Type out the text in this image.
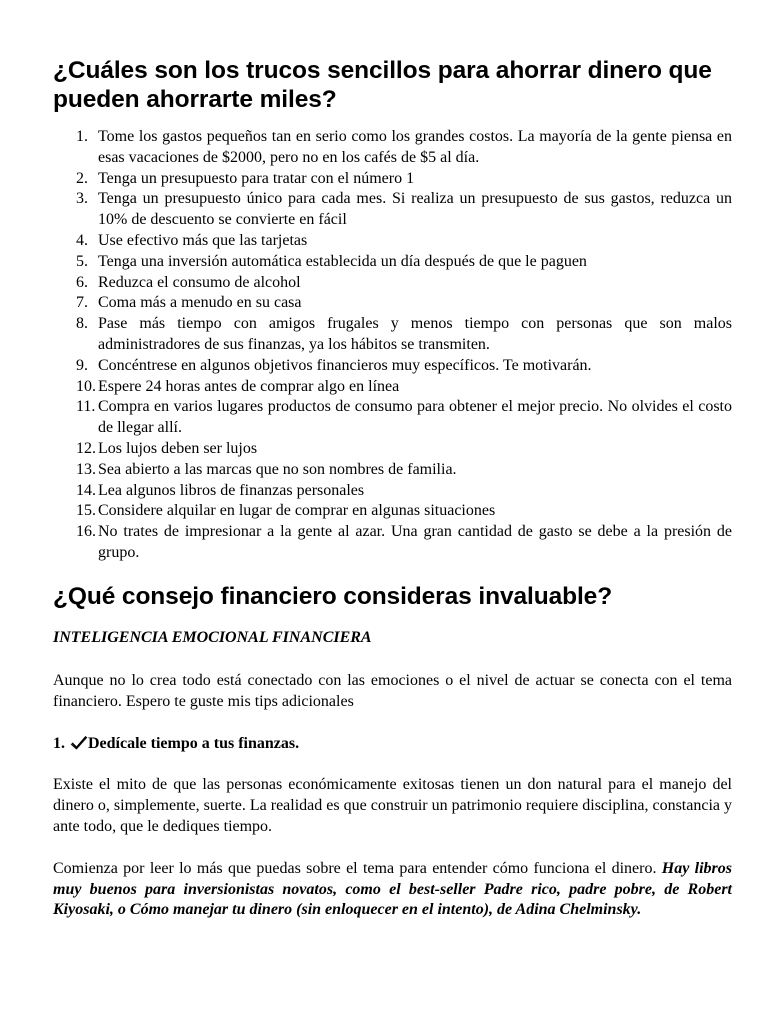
¿Cuáles son los trucos sencillos para ahorrar dinero que pueden ahorrarte miles?
1. Tome los gastos pequeños tan en serio como los grandes costos. La mayoría de la gente piensa en esas vacaciones de $2000, pero no en los cafés de $5 al día.
2. Tenga un presupuesto para tratar con el número 1
3. Tenga un presupuesto único para cada mes. Si realiza un presupuesto de sus gastos, reduzca un 10% de descuento se convierte en fácil
4. Use efectivo más que las tarjetas
5. Tenga una inversión automática establecida un día después de que le paguen
6. Reduzca el consumo de alcohol
7. Coma más a menudo en su casa
8. Pase más tiempo con amigos frugales y menos tiempo con personas que son malos administradores de sus finanzas, ya los hábitos se transmiten.
9. Concéntrese en algunos objetivos financieros muy específicos. Te motivarán.
10. Espere 24 horas antes de comprar algo en línea
11. Compra en varios lugares productos de consumo para obtener el mejor precio. No olvides el costo de llegar allí.
12. Los lujos deben ser lujos
13. Sea abierto a las marcas que no son nombres de familia.
14. Lea algunos libros de finanzas personales
15. Considere alquilar en lugar de comprar en algunas situaciones
16. No trates de impresionar a la gente al azar. Una gran cantidad de gasto se debe a la presión de grupo.
¿Qué consejo financiero consideras invaluable?
INTELIGENCIA EMOCIONAL FINANCIERA

Aunque no lo crea todo está conectado con las emociones o el nivel de actuar se conecta con el tema financiero. Espero te guste mis tips adicionales

1. Dedícale tiempo a tus finanzas.

Existe el mito de que las personas económicamente exitosas tienen un don natural para el manejo del dinero o, simplemente, suerte. La realidad es que construir un patrimonio requiere disciplina, constancia y ante todo, que le dediques tiempo.

Comienza por leer lo más que puedas sobre el tema para entender cómo funciona el dinero. Hay libros muy buenos para inversionistas novatos, como el best-seller Padre rico, padre pobre, de Robert Kiyosaki, o Cómo manejar tu dinero (sin enloquecer en el intento), de Adina Chelminsky.
